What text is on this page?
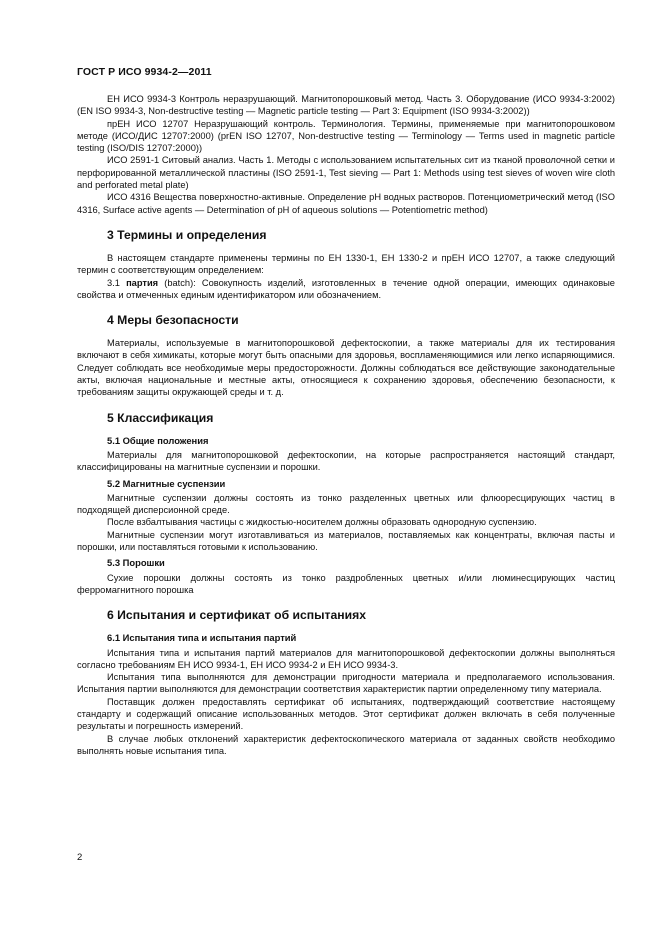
ГОСТ Р ИСО 9934-2—2011

ЕН ИСО 9934-3 Контроль неразрушающий. Магнитопорошковый метод. Часть 3. Оборудование (ИСО 9934-3:2002) (EN ISO 9934-3, Non-destructive testing — Magnetic particle testing — Part 3: Equipment (ISO 9934-3:2002))

прЕН ИСО 12707 Неразрушающий контроль. Терминология. Термины, применяемые при магнитопорошковом методе (ИСО/ДИС 12707:2000) (prEN ISO 12707, Non-destructive testing — Terminology — Terms used in magnetic particle testing (ISO/DIS 12707:2000))

ИСО 2591-1 Ситовый анализ. Часть 1. Методы с использованием испытательных сит из тканой проволочной сетки и перфорированной металлической пластины (ISO 2591-1, Test sieving — Part 1: Methods using test sieves of woven wire cloth and perforated metal plate)

ИСО 4316 Вещества поверхностно-активные. Определение pH водных растворов. Потенциометрический метод (ISO 4316, Surface active agents — Determination of pH of aqueous solutions — Potentiometric method)

3 Термины и определения

В настоящем стандарте применены термины по ЕН 1330-1, ЕН 1330-2 и прЕН ИСО 12707, а также следующий термин с соответствующим определением:

3.1 партия (batch): Совокупность изделий, изготовленных в течение одной операции, имеющих одинаковые свойства и отмеченных единым идентификатором или обозначением.

4 Меры безопасности

Материалы, используемые в магнитопорошковой дефектоскопии, а также материалы для их тестирования включают в себя химикаты, которые могут быть опасными для здоровья, воспламеняющимися или легко испаряющимися. Следует соблюдать все необходимые меры предосторожности. Должны соблюдаться все действующие законодательные акты, включая национальные и местные акты, относящиеся к сохранению здоровья, обеспечению безопасности, к требованиям защиты окружающей среды и т. д.

5 Классификация
5.1 Общие положения

Материалы для магнитопорошковой дефектоскопии, на которые распространяется настоящий стандарт, классифицированы на магнитные суспензии и порошки.

5.2 Магнитные суспензии

Магнитные суспензии должны состоять из тонко разделенных цветных или флюоресцирующих частиц в подходящей дисперсионной среде.

После взбалтывания частицы с жидкостью-носителем должны образовать однородную суспензию.

Магнитные суспензии могут изготавливаться из материалов, поставляемых как концентраты, включая пасты и порошки, или поставляться готовыми к использованию.

5.3 Порошки

Сухие порошки должны состоять из тонко раздробленных цветных и/или люминесцирующих частиц ферромагнитного порошка

6 Испытания и сертификат об испытаниях
6.1 Испытания типа и испытания партий

Испытания типа и испытания партий материалов для магнитопорошковой дефектоскопии должны выполняться согласно требованиям ЕН ИСО 9934-1, ЕН ИСО 9934-2 и ЕН ИСО 9934-3.

Испытания типа выполняются для демонстрации пригодности материала и предполагаемого использования. Испытания партии выполняются для демонстрации соответствия характеристик партии определенному типу материала.

Поставщик должен предоставлять сертификат об испытаниях, подтверждающий соответствие настоящему стандарту и содержащий описание использованных методов. Этот сертификат должен включать в себя полученные результаты и погрешность измерений.

В случае любых отклонений характеристик дефектоскопического материала от заданных свойств необходимо выполнять новые испытания типа.

2
